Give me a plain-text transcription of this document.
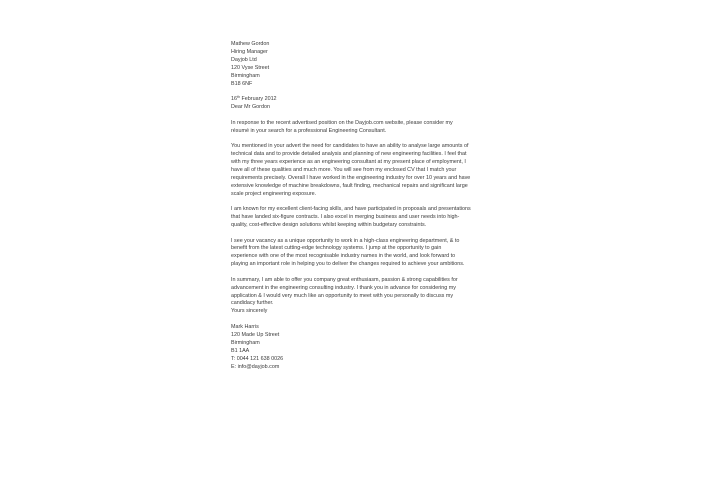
Mathew Gordon
Hiring Manager
Dayjob Ltd
120 Vyse Street
Birmingham
B18 6NF
16th February 2012

Dear Mr Gordon

In response to the recent advertised position on the Dayjob.com website, please consider my
résumé in your search for a professional Engineering Consultant.
You mentioned in your advert the need for candidates to have an ability to analyse large amounts of
technical data and to provide detailed analysis and planning of new engineering facilities. I feel that
with my three years experience as an engineering consultant at my present place of employment, I
have all of these qualities and much more. You will see from my enclosed CV that I match your
requirements precisely. Overall I have worked in the engineering industry for over 10 years and have
extensive knowledge of machine breakdowns, fault finding, mechanical repairs and significant large
scale project engineering exposure.
I am known for my excellent client-facing skills, and have participated in proposals and presentations
that have landed six-figure contracts. I also excel in merging business and user needs into high-
quality, cost-effective design solutions whilst keeping within budgetary constraints.
I see your vacancy as a unique opportunity to work in a high-class engineering department, & to
benefit from the latest cutting-edge technology systems. I jump at the opportunity to gain
experience with one of the most recognisable industry names in the world, and look forward to
playing an important role in helping you to deliver the changes required to achieve your ambitions.
In summary, I am able to offer you company great enthusiasm, passion & strong capabilities for
advancement in the engineering consulting industry. I thank you in advance for considering my
application & I would very much like an opportunity to meet with you personally to discuss my
candidacy further.

Yours sincerely

Mark Harris
120 Made Up Street
Birmingham
B1 1AA
T: 0044 121 638 0026
E: info@dayjob.com
